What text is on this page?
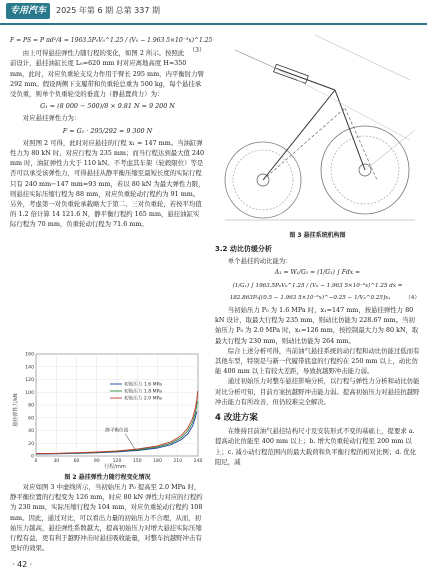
专用汽车	2025 年第 6 期 总第 337 期
F = PS = P πd²/4 = 1963.5P₀V₀^1.25 / (V₀ − 1.963 5×10⁻³x)^1.25
（3）

由上可得悬挂弹性力随行程的变化，如图 2 所示。按照此前设计，悬挂油缸长度 L₀=620 mm 时对应离地高度 H=350 mm，此时，对应负重轮支反力作用于臂长 295 mm，内平衡肘力臂 292 mm。假设两侧下支履带和负重轮总重为 500 kg，每个悬挂承受负重，则单个负重轮受的垂直力（静悬置荷力）为：

G₁ = (8 000 − 500)/8 × 9.81 N = 9 200 N

对应悬挂弹性力为：

F = G₁ · 295/292 ≈ 9 300 N

对照图 2 可得，此时对应悬挂的行程 x₁ = 147 mm。当油缸弹性力为 80 kN 时，对应行程为 235 mm；而当行程达到最大值 240 mm 时，油缸弹性力大于 110 kN。不考虑其车架（轮毂限位）等是否可以承受该弹性力，可得悬挂从静平衡压缩至最短长度的实际行程只有 240 mm−147 mm=93 mm，若以 80 kN 为最大弹性力限，则悬挂实际压缩行程为 88 mm，对应负重轮动行程约为 91 mm。另外，考虑第一对负重轮承载略大于第二、三对负重轮，若按平均值的 1.2 倍计算 14 121.6 N，静平衡行程约 165 mm，悬挂油缸实际行程为 70 mm，负重轮动行程为 71.6 mm。

0	30	60	90	120 150 180 210 240
0
20
40
60
80
100
120
140
160
初始压力 1.6 MPa
初始压力 1.8 MPa
初始压力 2.0 MPa
静平衡位置
悬挂弹性力/kN
行程/mm
图 2 悬挂弹性力随行程变化情况

对应如图 3 中虚线所示，当初始压力 P₀ 提高至 2.0 MPa 时，静平衡位置的行程变为 126 mm，时应 80 kN 弹性力对应的行程约为 230 mm，实际压缩行程为 104 mm，对应负重轮动行程约 108 mm。因此，通过对比，可以看出力量的初始压力不合理，从而，初始压力越高，悬挂弹性系数越大，提高初始压力对增大悬挂实际压缩行程有益，更有利于越野冲击时悬挂吸收能量，对整车抗越野冲击有更好的效果。

图 3 悬挂系统机构图
3.2 动比仿缓分析

单个悬挂的动比能为：

A₁ = W₁/G₁ = (1/G₁) ∫ Fdx =
(1/G₁) ∫ 1963.5P₀V₀^1.25 / (V₀ − 1.963 5×10⁻³x)^1.25 dx =
182.863P₀[(0.5 − 1.963 5×10⁻³x)^−0.25 − 1/V₀^0.25]x₁	（4）

当初始压力 P₀ 为 1.6 MPa 时，x₁=147 mm，按悬挂弹性力 80 kN 设计，取最大行程为 235 mm，则动比仿能为 228.67 mm。当初始压力 P₀ 为 2.0 MPa 时，x₁=126 mm，按控制最大力为 80 kN，取最大行程为 230 mm，则动比仿能为 264 mm。

综合上述分析可得，当前油气悬挂系统的动行程和动比仿能过低而有其他车型，特别是与新一代履带底盘的行程约在 250 mm 以上，动比仿能 400 mm 以上有较大差距，导致抗越野冲击能力弱。

通过初始压力对整车悬挂影响分析，以行程与弹性力分析和动比仿能对比分析可知，目前方案抗越野冲击能力弱。提高初始压力对悬挂抗越野冲击能力有所改善，但仍较难完全解决。

4 改进方案

在维持目前油气悬挂结构尺寸及安装形式不变的基础上，提要求 a. 提高动比仿能至 400 mm 以上；b. 增大负重轮动行程至 200 mm 以上；c. 减小动行程范围内的最大载荷和负平衡行程的相对比例；d. 优化阻尼，减

· 42 ·
